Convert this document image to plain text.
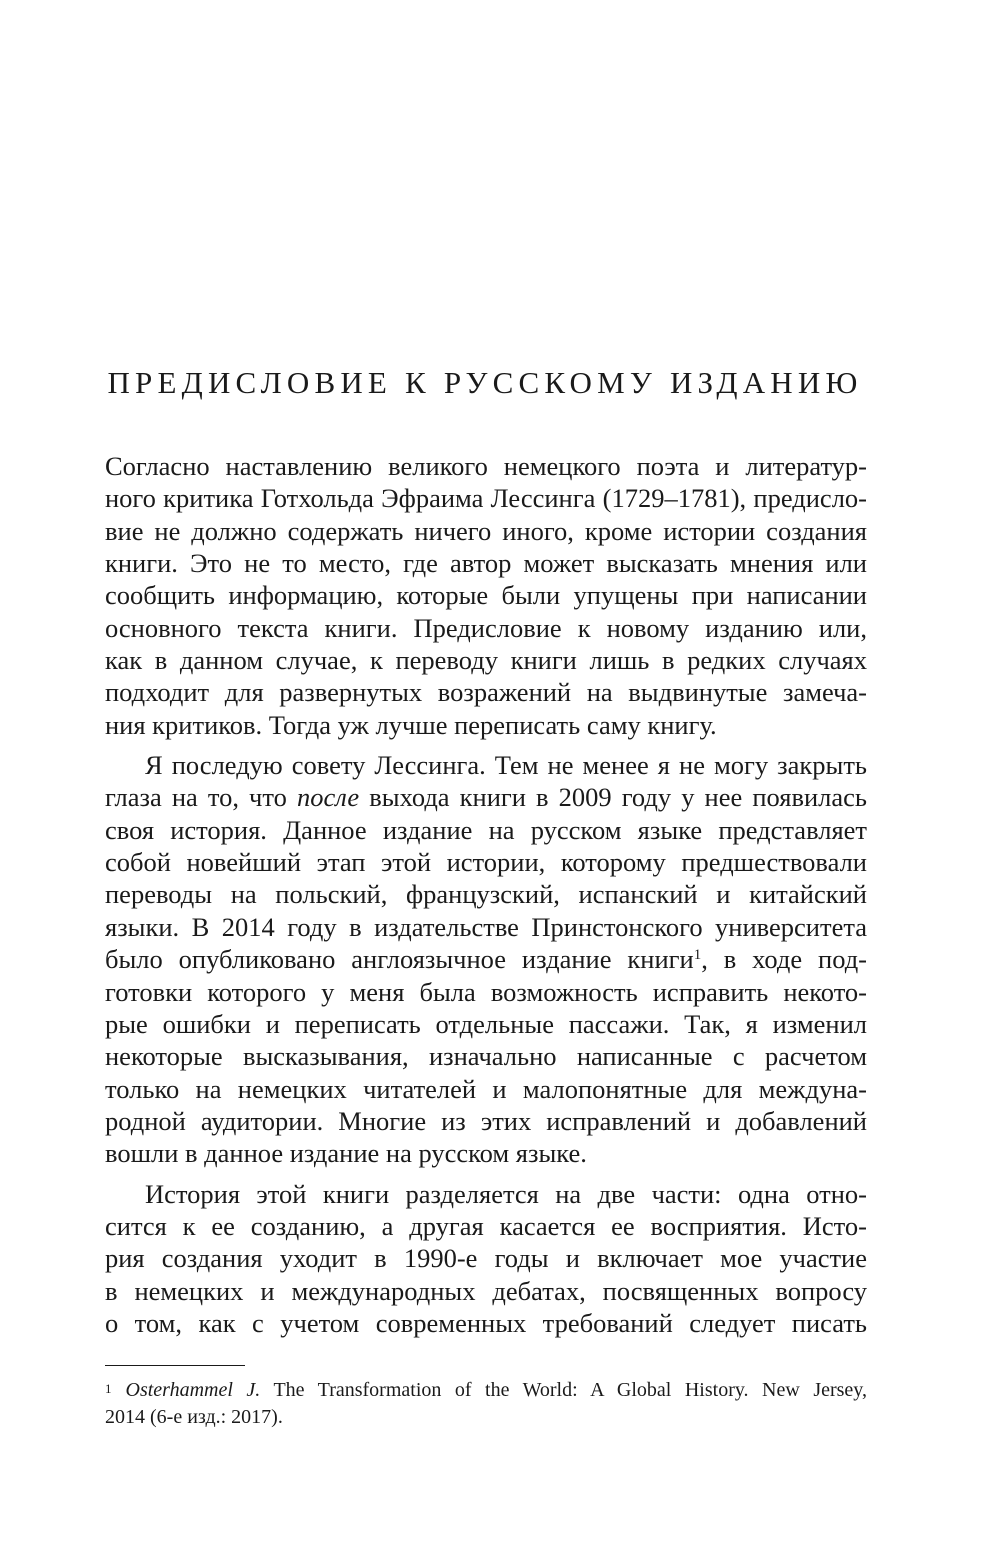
ПРЕДИСЛОВИЕ К РУССКОМУ ИЗДАНИЮ
Согласно наставлению великого немецкого поэта и литератур-
ного критика Готхольда Эфраима Лессинга (1729–1781), предисло-
вие не должно содержать ничего иного, кроме истории создания
книги. Это не то место, где автор может высказать мнения или
сообщить информацию, которые были упущены при написании
основного текста книги. Предисловие к новому изданию или,
как в данном случае, к переводу книги лишь в редких случаях
подходит для развернутых возражений на выдвинутые замеча-
ния критиков. Тогда уж лучше переписать саму книгу.
Я последую совету Лессинга. Тем не менее я не могу закрыть
глаза на то, что после выхода книги в 2009 году у нее появилась
своя история. Данное издание на русском языке представляет
собой новейший этап этой истории, которому предшествовали
переводы на польский, французский, испанский и китайский
языки. В 2014 году в издательстве Принстонского университета
было опубликовано англоязычное издание книги$^1$, в ходе под-
готовки которого у меня была возможность исправить некото-
рые ошибки и переписать отдельные пассажи. Так, я изменил
некоторые высказывания, изначально написанные с расчетом
только на немецких читателей и малопонятные для междуна-
родной аудитории. Многие из этих исправлений и добавлений
вошли в данное издание на русском языке.
История этой книги разделяется на две части: одна отно-
сится к ее созданию, а другая касается ее восприятия. Исто-
рия создания уходит в 1990-е годы и включает мое участие
в немецких и международных дебатах, посвященных вопросу
о том, как с учетом современных требований следует писать
$^1$ Osterhammel J. The Transformation of the World: A Global History. New Jersey,
2014 (6-е изд.: 2017).
